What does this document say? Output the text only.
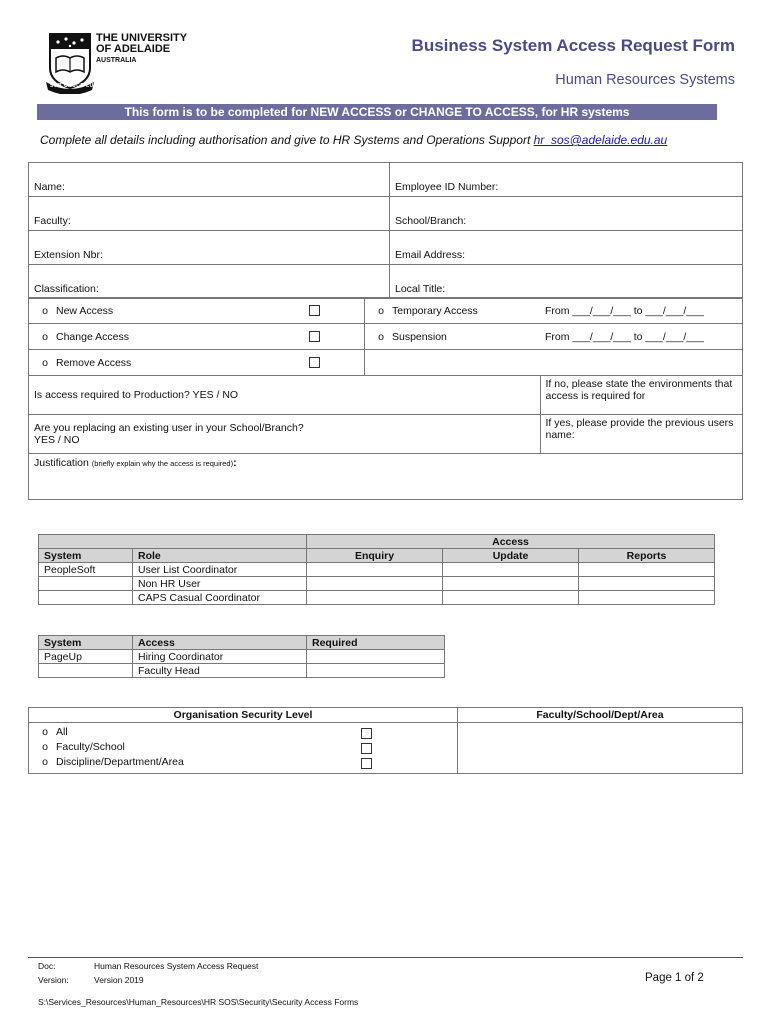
THE UNIVERSITY
OF ADELAIDE
AUSTRALIA
SUB CRUCE LUMEN
Business System Access Request Form
Human Resources Systems
This form is to be completed for NEW ACCESS or CHANGE TO ACCESS, for HR systems
Complete all details including authorisation and give to HR Systems and Operations Support hr_sos@adelaide.edu.au
Name:	Employee ID Number:
Faculty:	School/Branch:
Extension Nbr:	Email Address:
Classification:	Local Title:
o New Access		o Temporary Access	From ___/___/___ to ___/___/___
o Change Access		o Suspension	From ___/___/___ to ___/___/___
o Remove Access			
Is access required to Production? YES / NO			If no, please state the environments that access is required for

Are you replacing an existing user in your School/Branch?
YES / NO			If yes, please provide the previous users name:
Justification (briefly explain why the access is required):			
		Access		
System	Role	Enquiry	Update	Reports
PeopleSoft	User List Coordinator			
	Non HR User			
	CAPS Casual Coordinator			
System	Access	Required
PageUp	Hiring Coordinator	
	Faculty Head	
Organisation Security Level	Faculty/School/Dept/Area

o All
o Faculty/School
o Discipline/Department/Area	

Doc:	Human Resources System Access Request
Version:	Version 2019	Page 1 of 2
S:\Services_Resources\Human_Resources\HR SOS\Security\Security Access Forms
